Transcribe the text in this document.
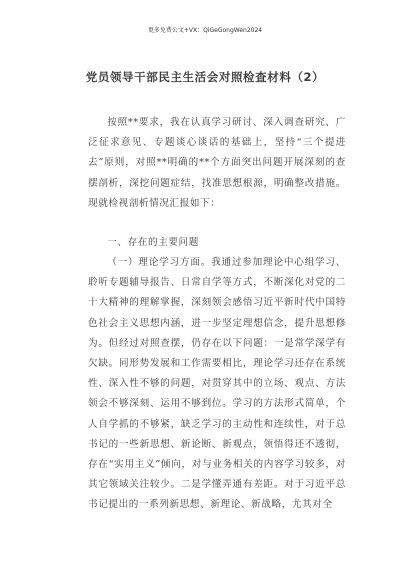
更多免费公文+VX：QiGeGongWen2024
党员领导干部民主生活会对照检查材料（2）

按照**要求，我在认真学习研讨、深入调查研究、广泛征求意见、专题谈心谈话的基础上，坚持“三个提进去”原则，对照**明确的**个方面突出问题开展深刻的查摆剖析，深挖问题症结，找准思想根源，明确整改措施。现就检视剖析情况汇报如下：

一、存在的主要问题

（一）理论学习方面。我通过参加理论中心组学习、聆听专题辅导报告、日常自学等方式，不断深化对党的二十大精神的理解掌握，深刻领会感悟习近平新时代中国特色社会主义思想内涵，进一步坚定理想信念，提升思想修为。但经过对照查摆，仍存在以下问题：一是常学深学有欠缺。同形势发展和工作需要相比，理论学习还存在系统性、深入性不够的问题，对贯穿其中的立场、观点、方法领会不够深刻、运用不够到位。学习的方法形式简单，个人自学抓的不够紧，缺乏学习的主动性和连续性，对于总书记的一些新思想、新论断、新观点，领悟得还不透彻，存在“实用主义”倾向，对与业务相关的内容学习较多，对其它领域关注较少。二是学懂弄通有差距。对于习近平总书记提出的一系列新思想、新理论、新战略，尤其对全
